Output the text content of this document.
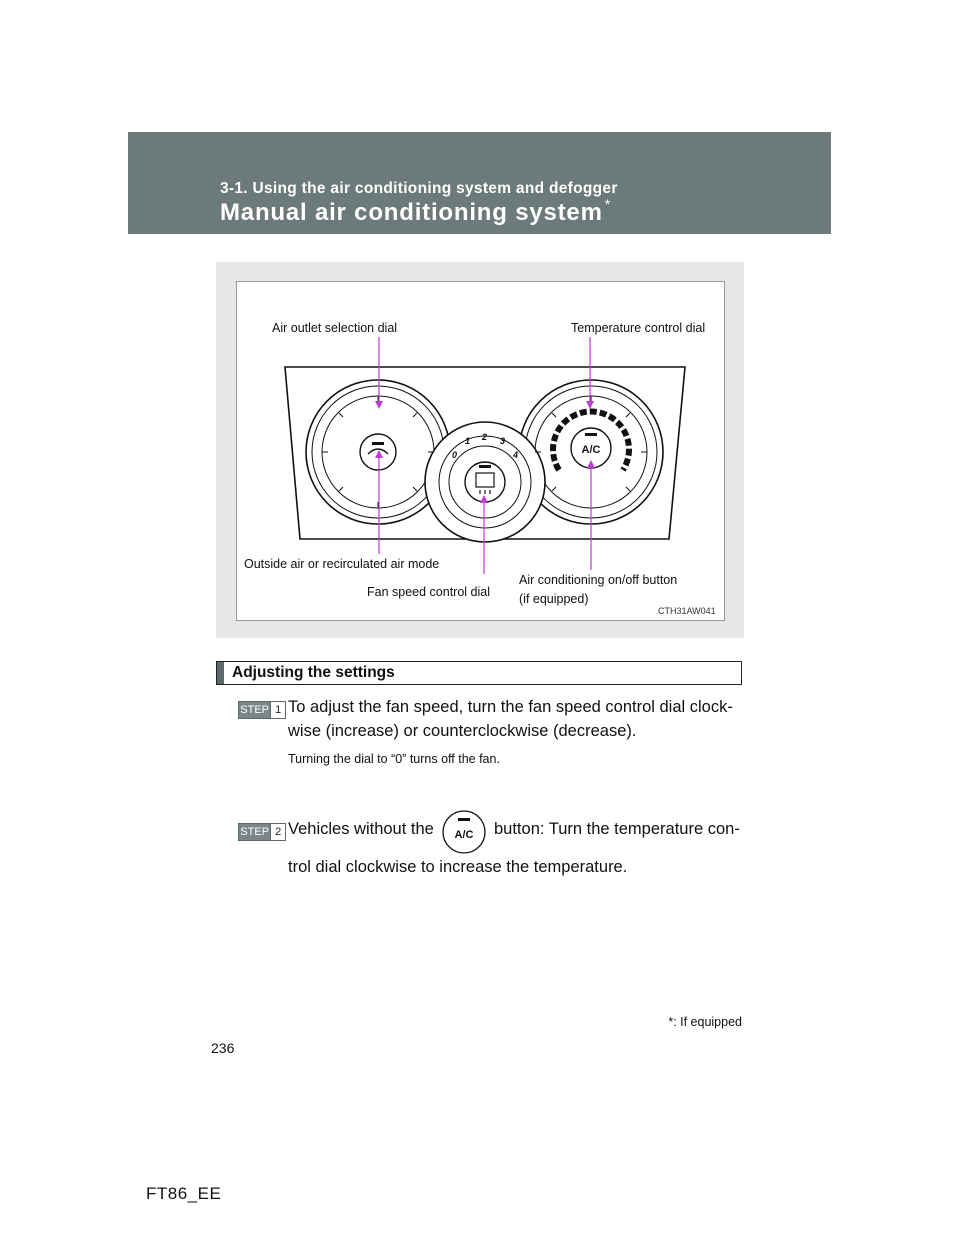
3-1. Using the air conditioning system and defogger
Manual air conditioning system *
A/C
0
1 2 3
4
Air outlet selection dial	Temperature control dial
Outside air or recirculated air mode
Fan speed control dial
Air conditioning on/off button
(if equipped)
CTH31AW041
Adjusting the settings
STEP 1 To adjust the fan speed, turn the fan speed control dial clock-
wise (increase) or counterclockwise (decrease).
Turning the dial to “0” turns off the fan.
STEP 2 Vehicles without the A/C button: Turn the temperature con-
trol dial clockwise to increase the temperature.
*: If equipped
236
FT86_EE
